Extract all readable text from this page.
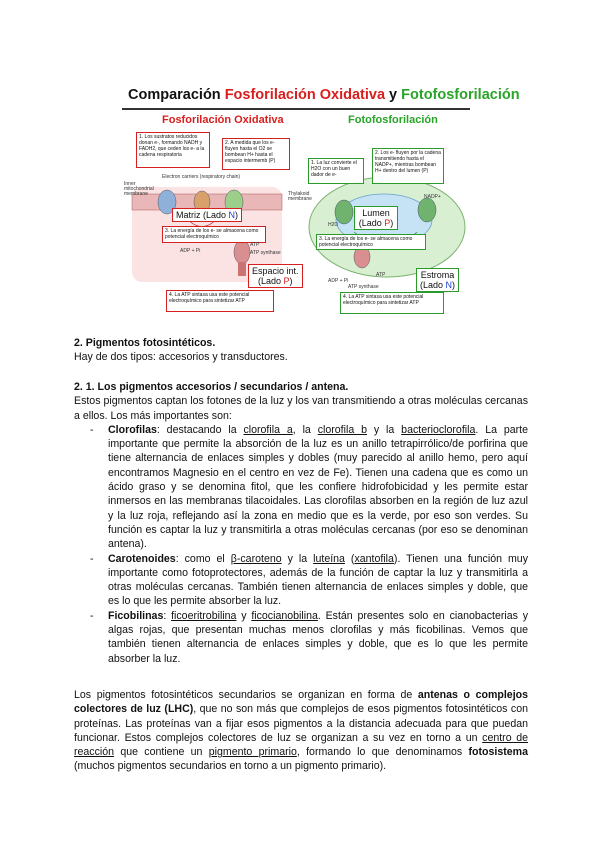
Comparación Fosforilación Oxidativa y Fotofosforilación
Fosforilación Oxidativa	Fotofosforilación
1. Los sustratos reducidos donan e-, formando NADH y FADH2, que ceden los e- a la cadena respiratoria
2. A medida que los e- fluyen hasta el O2 se bombean H+ hasta el espacio intermemb (P)
Electron carriers (respiratory chain)
Inner mitochondrial membrane
Matriz (Lado N)
3. La energía de los e- se almacena como potencial electroquímico
ADP + Pi
ATP
ATP synthase
Espacio int.
(Lado P)
4. La ATP sintasa usa este potencial electroquímico para sintetizar ATP
1. La luz convierte el H2O con un buen dador de e-
2. Los e- fluyen por la cadena transmitiendo hasta el NADP+, mientras bombean H+ dentro del lumen (P)
Thylakoid membrane
H2O
NADP+
Lumen (Lado P)
3. La energía de los e- se almacena como potencial electroquímico
ADP + Pi
ATP
ATP synthase
Estroma
(Lado N)
4. La ATP sintasa usa este potencial electroquímico para sintetizar ATP
2. Pigmentos fotosintéticos.
Hay de dos tipos: accesorios y transductores.
2. 1. Los pigmentos accesorios / secundarios / antena.

Estos pigmentos captan los fotones de la luz y los van transmitiendo a otras moléculas cercanas a ellos. Los más importantes son:

- Clorofilas: destacando la clorofila a, la clorofila b y la bacterioclorofila. La parte importante que permite la absorción de la luz es un anillo tetrapirrólico/de porfirina que tiene alternancia de enlaces simples y dobles (muy parecido al anillo hemo, pero aquí encontramos Magnesio en el centro en vez de Fe). Tienen una cadena que es como un ácido graso y se denomina fitol, que les confiere hidrofobicidad y les permite estar inmersos en las membranas tilacoidales. Las clorofilas absorben en la región de luz azul y la luz roja, reflejando así la zona en medio que es la verde, por eso son verdes. Su función es captar la luz y transmitirla a otras moléculas cercanas (por eso se denominan antena).
- Carotenoides: como el β-caroteno y la luteína (xantofila). Tienen una función muy importante como fotoprotectores, además de la función de captar la luz y transmitirla a otras moléculas cercanas. También tienen alternancia de enlaces simples y doble, que es lo que les permite absorber la luz.
- Ficobilinas: ficoeritrobilina y ficocianobilina. Están presentes solo en cianobacterias y algas rojas, que presentan muchas menos clorofilas y más ficobilinas. Vemos que también tienen alternancia de enlaces simples y doble, que es lo que les permite absorber la luz.

Los pigmentos fotosintéticos secundarios se organizan en forma de antenas o complejos colectores de luz (LHC), que no son más que complejos de esos pigmentos fotosintéticos con proteínas. Las proteínas van a fijar esos pigmentos a la distancia adecuada para que puedan funcionar. Estos complejos colectores de luz se organizan a su vez en torno a un centro de reacción que contiene un pigmento primario, formando lo que denominamos fotosistema (muchos pigmentos secundarios en torno a un pigmento primario).
